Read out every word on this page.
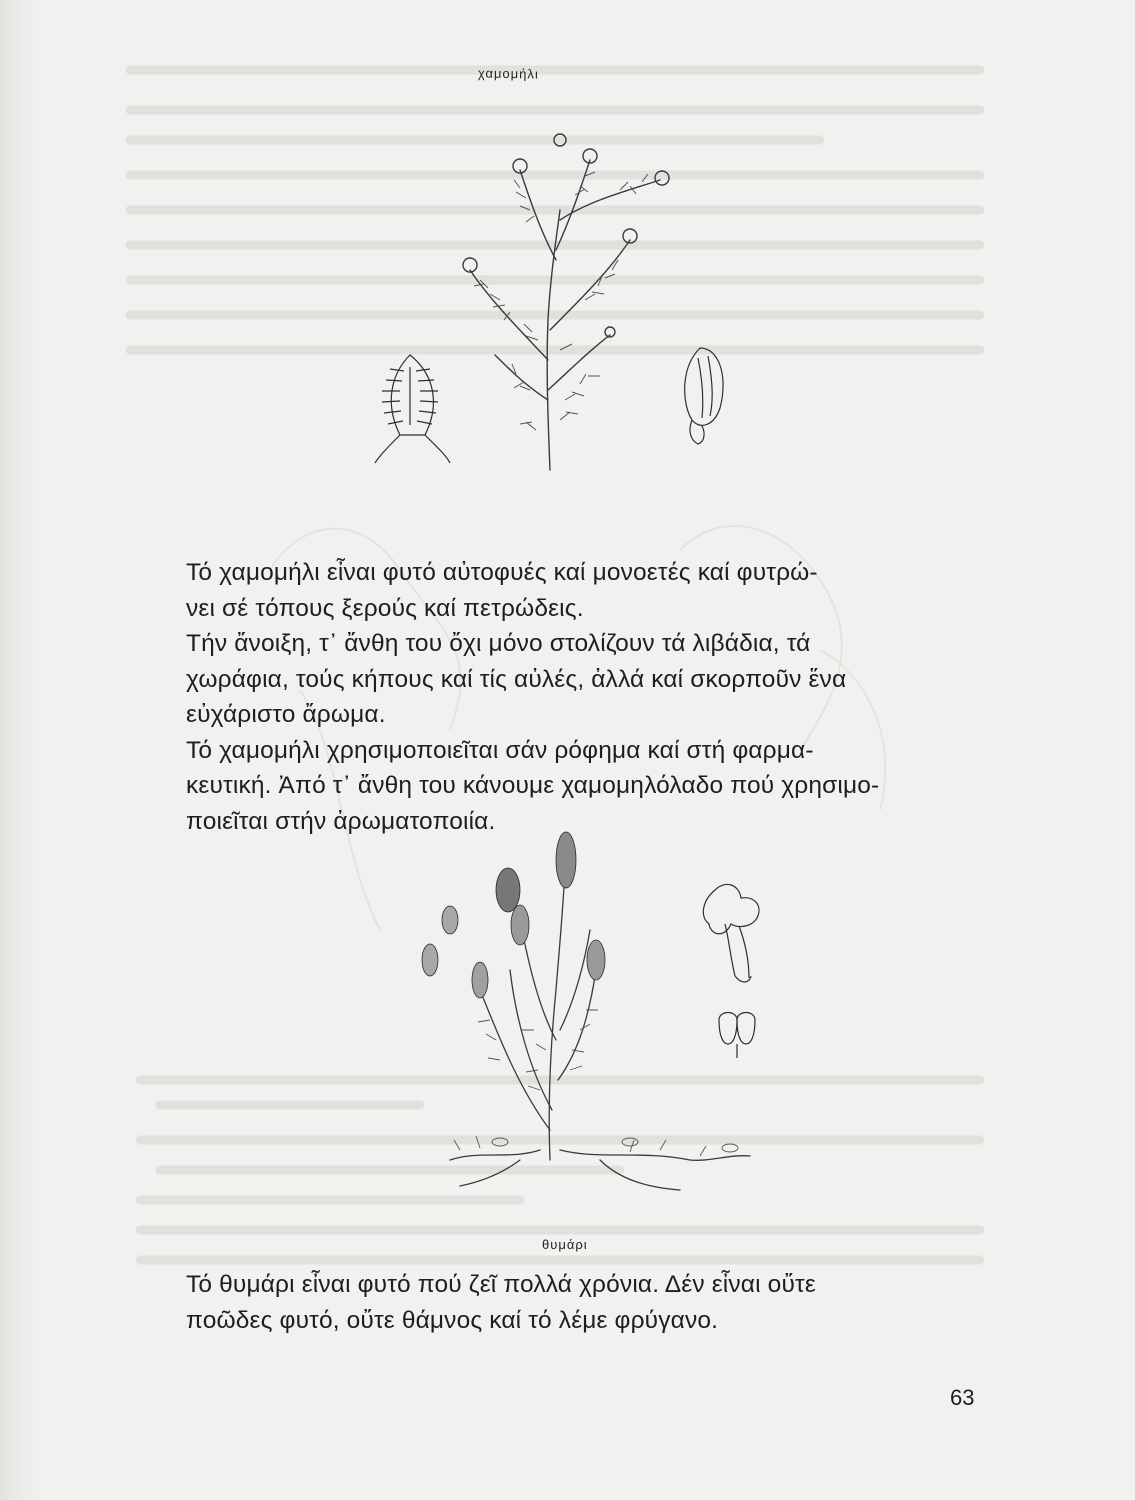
χαμομήλι

Τό χαμομήλι εἶναι φυτό αὐτοφυές καί μονοετές καί φυτρώ-
νει σέ τόπους ξερούς καί πετρώδεις.

Τήν ἄνοιξη, τ᾽ ἄνθη του ὄχι μόνο στολίζουν τά λιβάδια, τά
χωράφια, τούς κήπους καί τίς αὐλές, ἀλλά καί σκορποῦν ἕνα
εὐχάριστο ἄρωμα.

Τό χαμομήλι χρησιμοποιεῖται σάν ρόφημα καί στή φαρμα-
κευτική. Ἀπό τ᾽ ἄνθη του κάνουμε χαμομηλόλαδο πού χρησιμο-
ποιεῖται στήν ἀρωματοποιία.

θυμάρι

Τό θυμάρι εἶναι φυτό πού ζεῖ πολλά χρόνια. Δέν εἶναι οὔτε
ποῶδες φυτό, οὔτε θάμνος καί τό λέμε φρύγανο.

63
